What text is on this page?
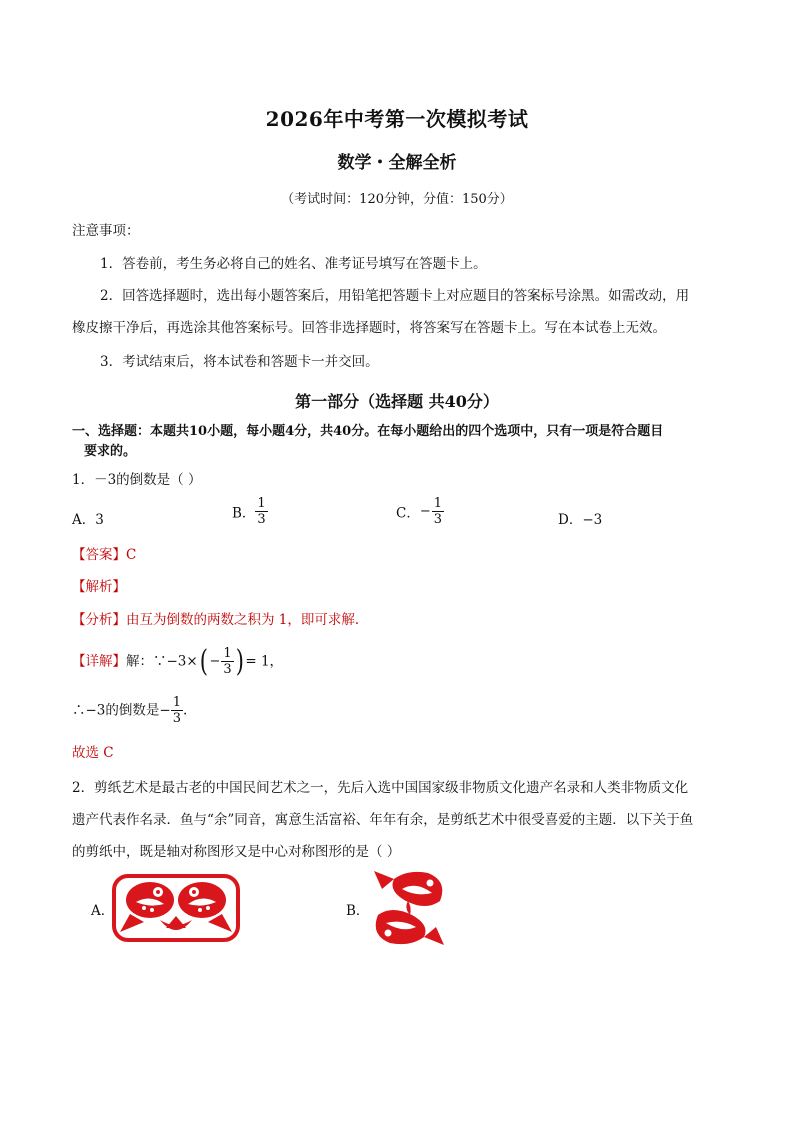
2026年中考第一次模拟考试
数学・全解全析
（考试时间：120分钟，分值：150分）
注意事项：
1．答卷前，考生务必将自己的姓名、准考证号填写在答题卡上。
2．回答选择题时，选出每小题答案后，用铅笔把答题卡上对应题目的答案标号涂黑。如需改动，用
橡皮擦干净后，再选涂其他答案标号。回答非选择题时，将答案写在答题卡上。写在本试卷上无效。
3．考试结束后，将本试卷和答题卡一并交回。
第一部分（选择题 共40分）
一、选择题：本题共10小题，每小题4分，共40分。在每小题给出的四个选项中，只有一项是符合题目
要求的。
1．－3的倒数是（ ）
A．3	B． $\frac{1}{3}$	C．− $\frac{1}{3}$	D．−3
【答案】C
【解析】
【分析】由互为倒数的两数之积为 1，即可求解．
【详解】解：∵−3×( − $\frac{1}{3}$ ) = 1，
∴−3的倒数是− $\frac{1}{3}$ .
故选 C
2．剪纸艺术是最古老的中国民间艺术之一，先后入选中国国家级非物质文化遗产名录和人类非物质文化
遗产代表作名录．鱼与“余”同音，寓意生活富裕、年年有余，是剪纸艺术中很受喜爱的主题．以下关于鱼
的剪纸中，既是轴对称图形又是中心对称图形的是（ ）
A．	B．
